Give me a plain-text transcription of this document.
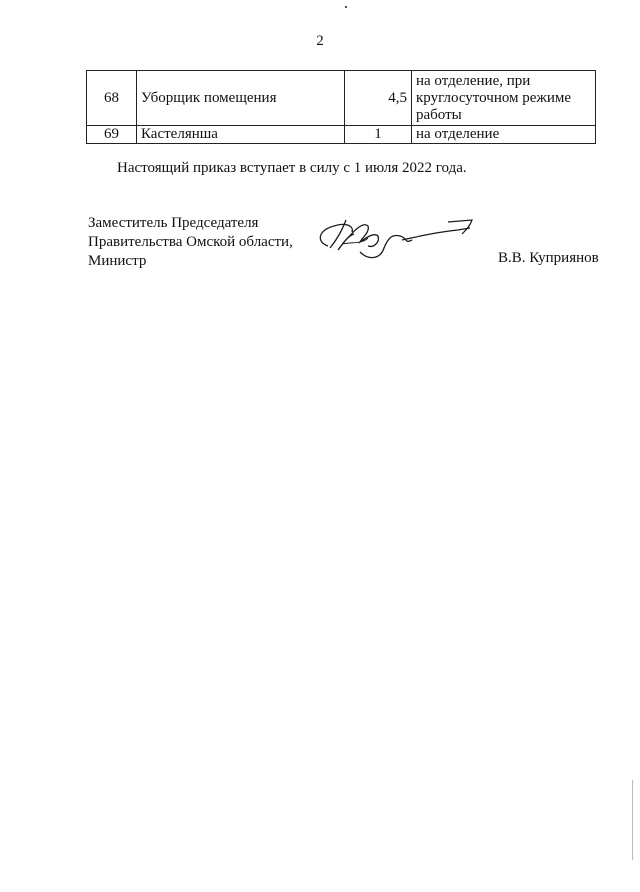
2
68	Уборщик помещения	4,5	на отделение, при круглосуточном режиме работы
69	Кастелянша	1	на отделение
Настоящий приказ вступает в силу с 1 июля 2022 года.
Заместитель Председателя
Правительства Омской области,
Министр	В.В. Куприянов
